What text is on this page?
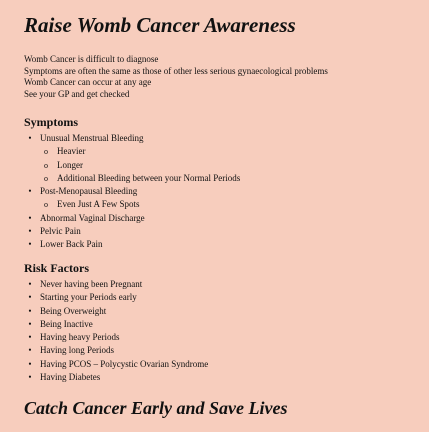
Raise Womb Cancer Awareness
Womb Cancer is difficult to diagnose
Symptoms are often the same as those of other less serious gynaecological problems
Womb Cancer can occur at any age
See your GP and get checked
Symptoms
• Unusual Menstrual Bleeding
o	Heavier
o	Longer
o	Additional Bleeding between your Normal Periods
• Post-Menopausal Bleeding
o	Even Just A Few Spots
• Abnormal Vaginal Discharge
• Pelvic Pain
• Lower Back Pain
Risk Factors
• Never having been Pregnant
• Starting your Periods early
• Being Overweight
• Being Inactive
• Having heavy Periods
• Having long Periods
• Having PCOS – Polycystic Ovarian Syndrome
• Having Diabetes
Catch Cancer Early and Save Lives
